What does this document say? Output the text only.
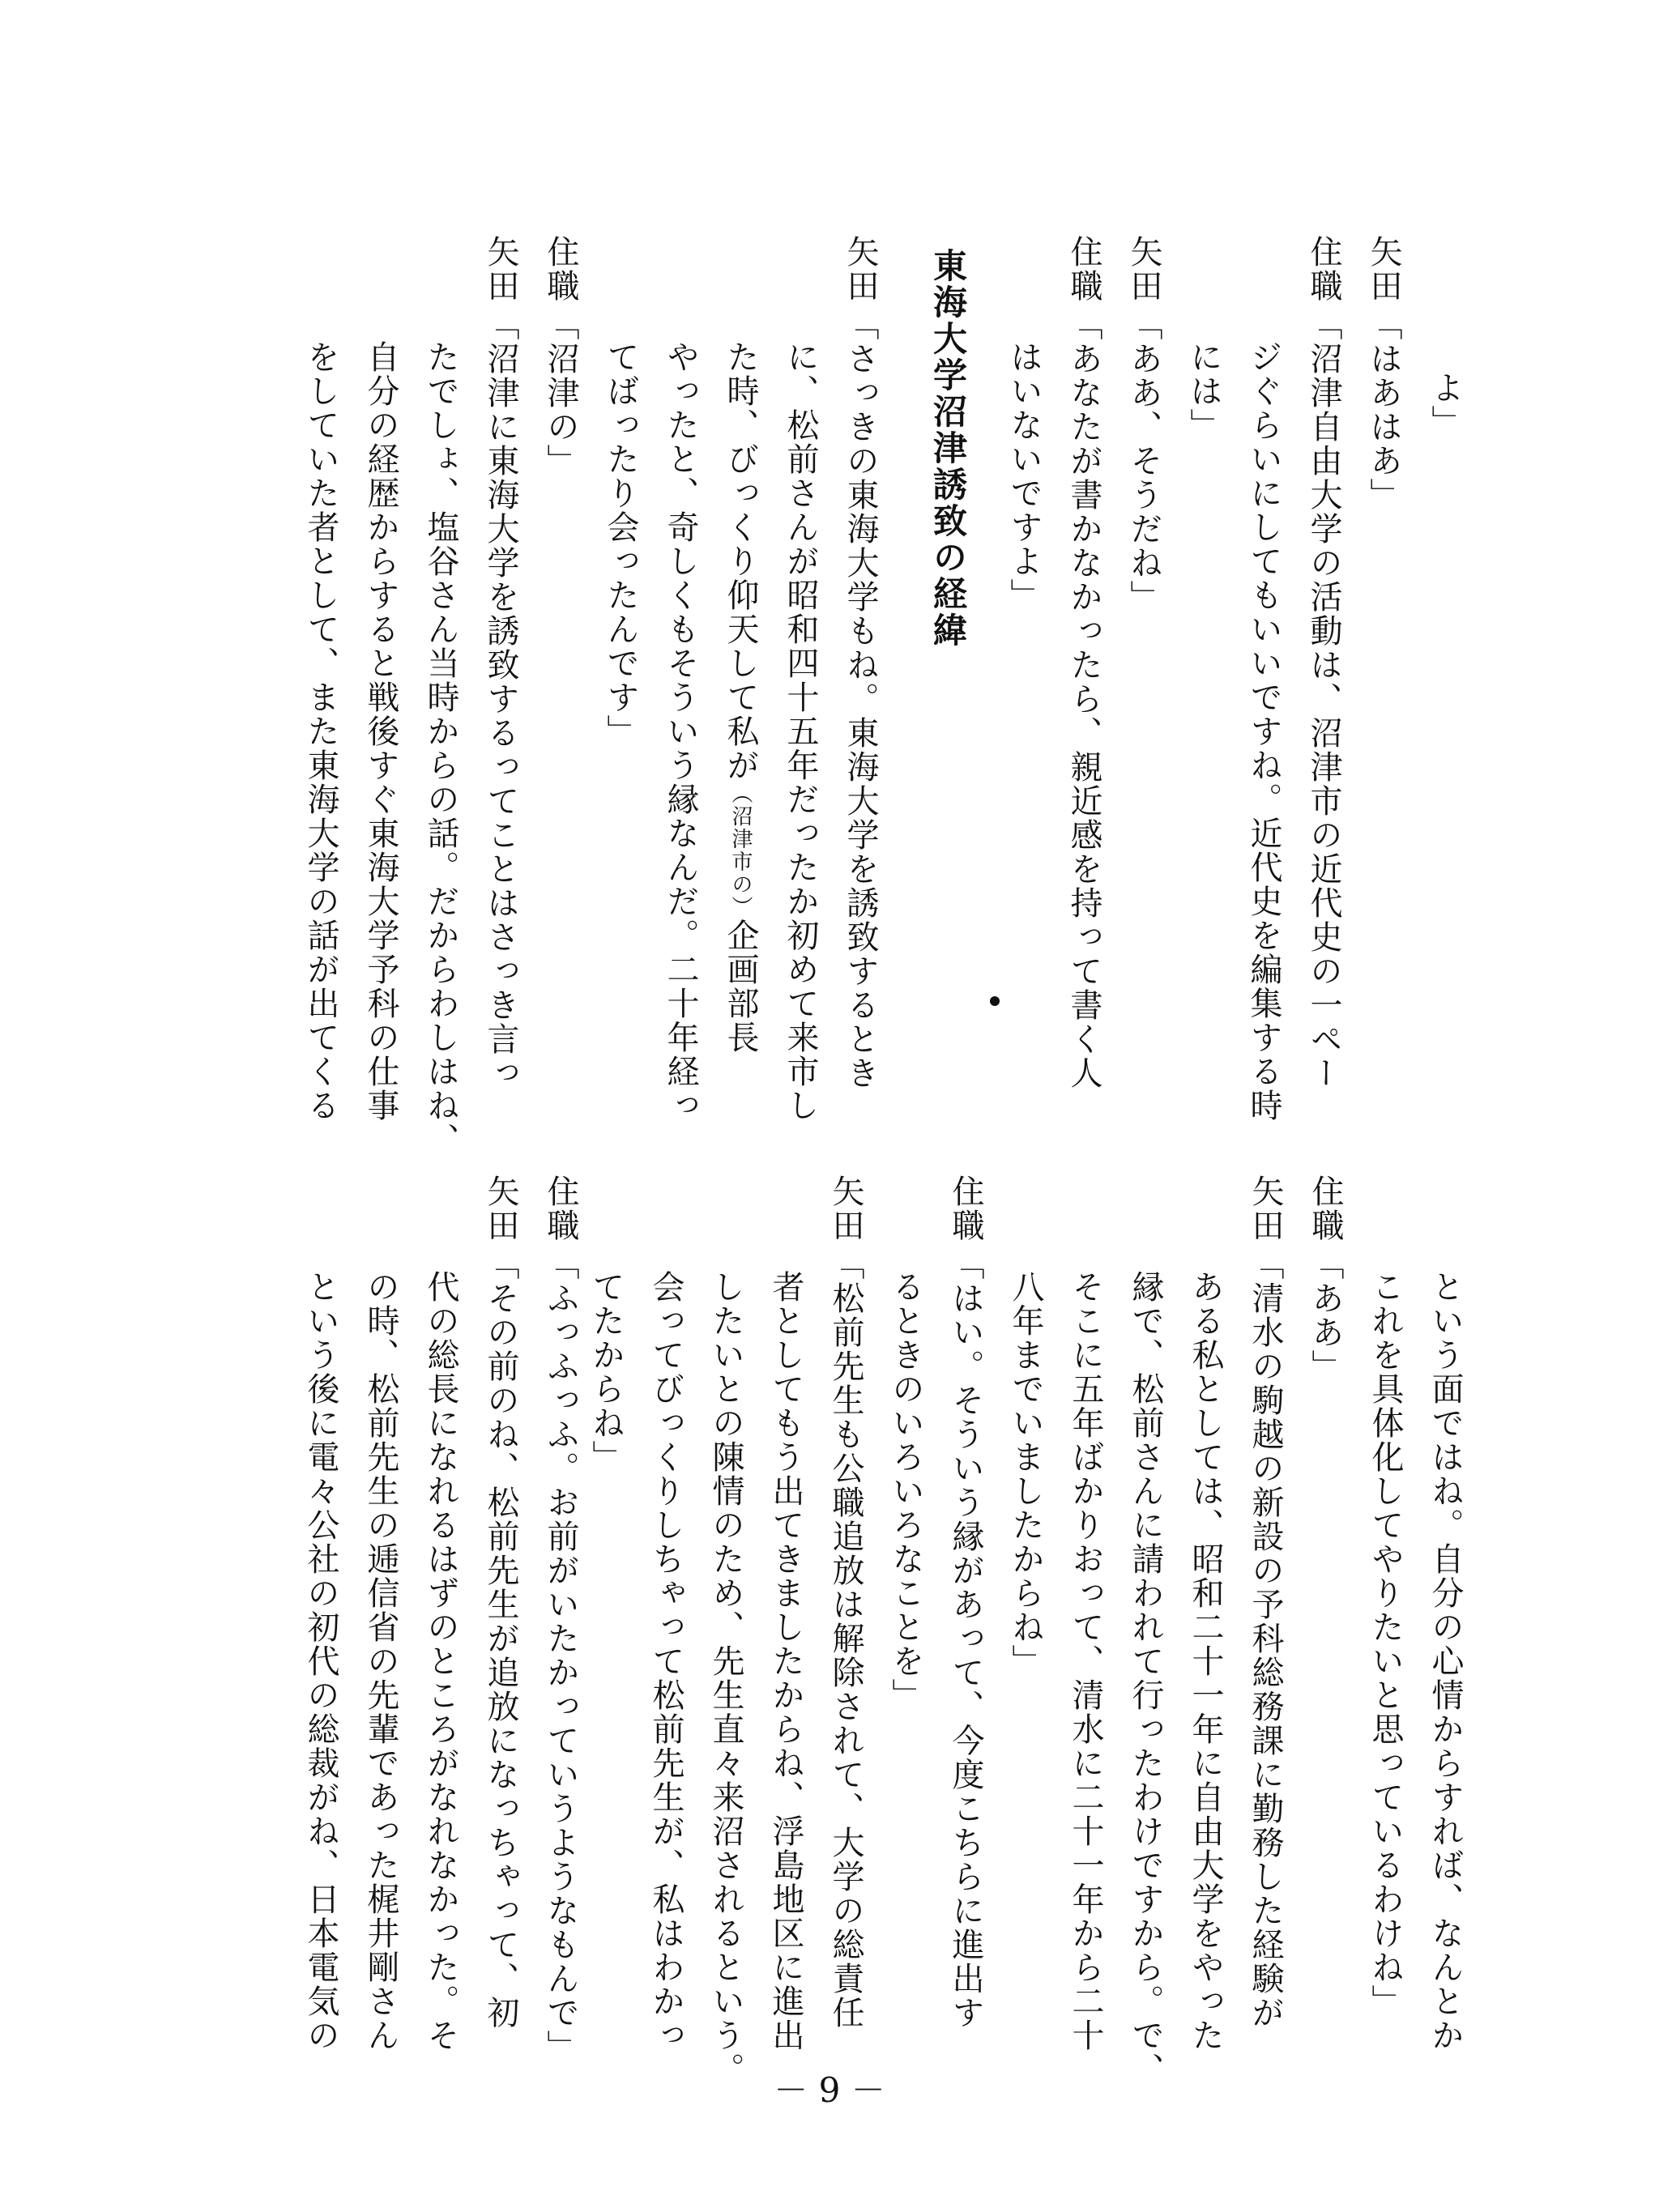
よ」
矢田
「はあはあ」
住職
「沼津自由大学の活動は、沼津市の近代史の一ペー
ジぐらいにしてもいいですね。近代史を編集する時
には」
矢田
「ああ、そうだね」
住職
「あなたが書かなかったら、親近感を持って書く人
はいないですよ」
東海大学沼津誘致の経緯
矢田
「さっきの東海大学もね。東海大学を誘致するとき
に、松前さんが昭和四十五年だったか初めて来市し
た時、びっくり仰天して私が（沼津市の）企画部長
やったと、奇しくもそういう縁なんだ。二十年経っ
てばったり会ったんです」
住職
「沼津の」
矢田
「沼津に東海大学を誘致するってことはさっき言っ
たでしょ、塩谷さん当時からの話。だからわしはね、
自分の経歴からすると戦後すぐ東海大学予科の仕事
をしていた者として、また東海大学の話が出てくる
という面ではね。自分の心情からすれば、なんとか
これを具体化してやりたいと思っているわけね」
住職
「ああ」
矢田
「清水の駒越の新設の予科総務課に勤務した経験が
ある私としては、昭和二十一年に自由大学をやった
縁で、松前さんに請われて行ったわけですから。で、
そこに五年ばかりおって、清水に二十一年から二十
八年までいましたからね」
住職
「はい。そういう縁があって、今度こちらに進出す
るときのいろいろなことを」
矢田
「松前先生も公職追放は解除されて、大学の総責任
者としてもう出てきましたからね、浮島地区に進出
したいとの陳情のため、先生直々来沼されるという。
会ってびっくりしちゃって松前先生が、私はわかっ
てたからね」
住職
「ふっふっふ。お前がいたかっていうようなもんで」
矢田
「その前のね、松前先生が追放になっちゃって、初
代の総長になれるはずのところがなれなかった。そ
の時、松前先生の逓信省の先輩であった梶井剛さん
という後に電々公社の初代の総裁がね、日本電気の
－ 9 －
